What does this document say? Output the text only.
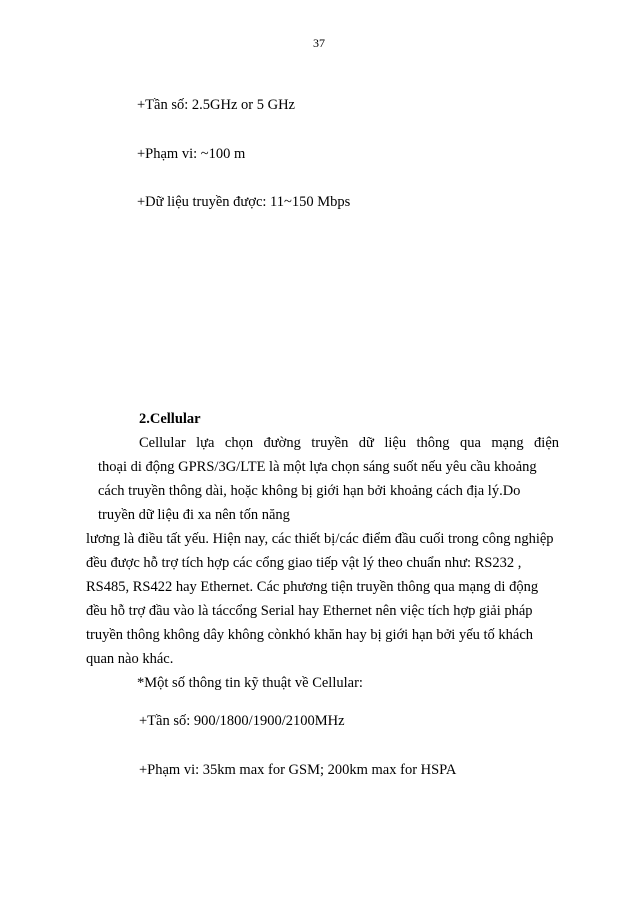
37
+Tần số: 2.5GHz or 5 GHz
+Phạm vi: ~100 m
+Dữ liệu truyền được: 11~150 Mbps
2.Cellular
Cellular lựa chọn đường truyền dữ liệu thông qua mạng điện
thoại di động GPRS/3G/LTE là một lựa chọn sáng suốt nếu yêu cầu khoảng
cách truyền thông dài, hoặc không bị giới hạn bởi khoảng cách địa lý.Do
truyền dữ liệu đi xa nên tốn năng
lương là điều tất yếu. Hiện nay, các thiết bị/các điểm đầu cuối trong công nghiệp
đều được hỗ trợ tích hợp các cổng giao tiếp vật lý theo chuẩn như: RS232 ,
RS485, RS422 hay Ethernet. Các phương tiện truyền thông qua mạng di động
đều hỗ trợ đầu vào là táccổng Serial hay Ethernet nên việc tích hợp giải pháp
truyền thông không dây không cònkhó khăn hay bị giới hạn bởi yếu tố khách
quan nào khác.
*Một số thông tin kỹ thuật về Cellular:
+Tần số: 900/1800/1900/2100MHz
+Phạm vi: 35km max for GSM; 200km max for HSPA
